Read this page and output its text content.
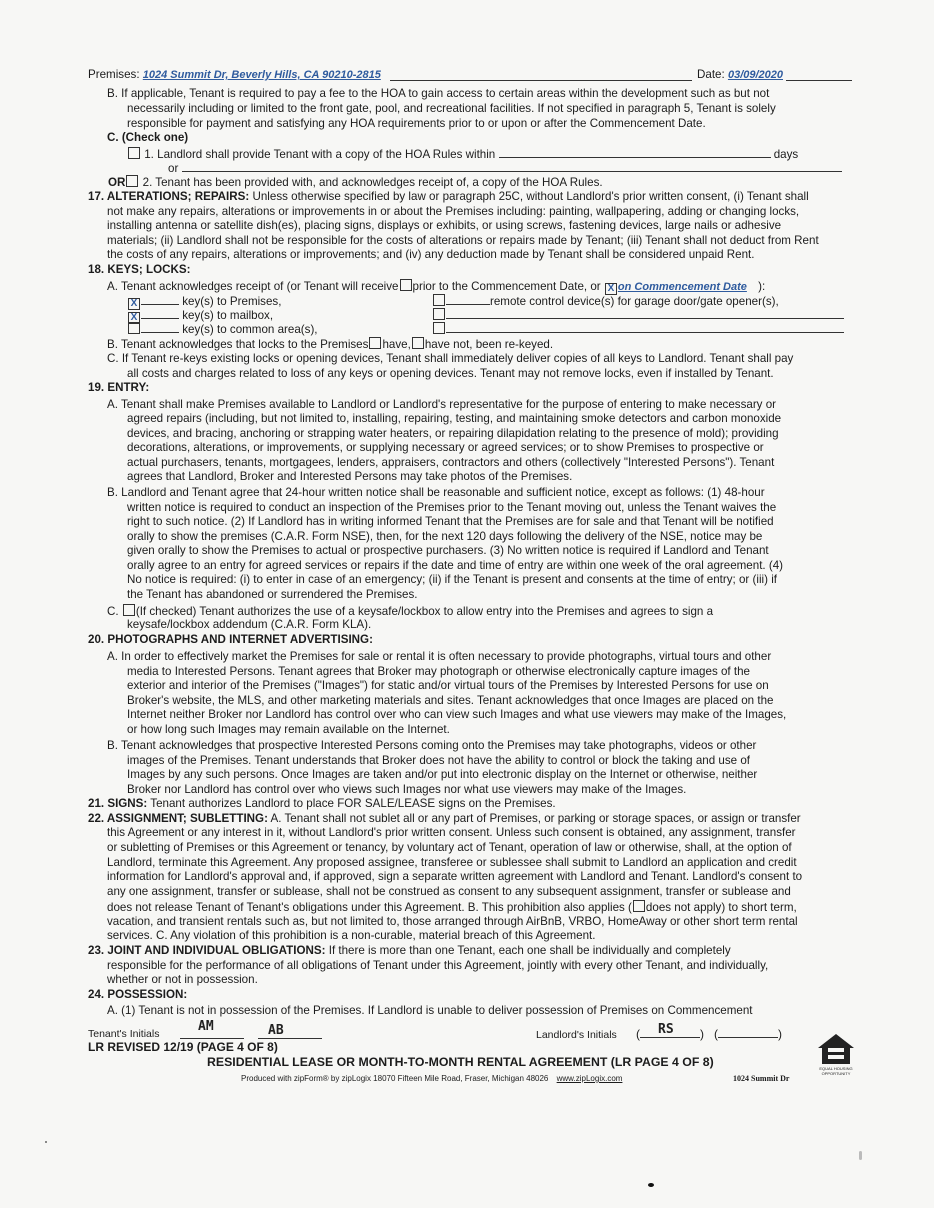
Premises: 1024 Summit Dr, Beverly Hills, CA 90210-2815	Date: 03/09/2020
B. If applicable, Tenant is required to pay a fee to the HOA to gain access to certain areas within the development such as but not
necessarily including or limited to the front gate, pool, and recreational facilities. If not specified in paragraph 5, Tenant is solely
responsible for payment and satisfying any HOA requirements prior to or upon or after the Commencement Date.
C. (Check one)
1. Landlord shall provide Tenant with a copy of the HOA Rules within	days
or
OR 2. Tenant has been provided with, and acknowledges receipt of, a copy of the HOA Rules.
17. ALTERATIONS; REPAIRS: Unless otherwise specified by law or paragraph 25C, without Landlord's prior written consent, (i) Tenant shall
not make any repairs, alterations or improvements in or about the Premises including: painting, wallpapering, adding or changing locks,
installing antenna or satellite dish(es), placing signs, displays or exhibits, or using screws, fastening devices, large nails or adhesive
materials; (ii) Landlord shall not be responsible for the costs of alterations or repairs made by Tenant; (iii) Tenant shall not deduct from Rent
the costs of any repairs, alterations or improvements; and (iv) any deduction made by Tenant shall be considered unpaid Rent.
18. KEYS; LOCKS:
A. Tenant acknowledges receipt of (or Tenant will receive prior to the Commencement Date, or X on Commencement Date ):
X	key(s) to Premises,
X	key(s) to mailbox,
key(s) to common area(s),
remote control device(s) for garage door/gate opener(s),
B. Tenant acknowledges that locks to the Premises have, have not, been re-keyed.
C. If Tenant re-keys existing locks or opening devices, Tenant shall immediately deliver copies of all keys to Landlord. Tenant shall pay
all costs and charges related to loss of any keys or opening devices. Tenant may not remove locks, even if installed by Tenant.
19. ENTRY:
A. Tenant shall make Premises available to Landlord or Landlord's representative for the purpose of entering to make necessary or
agreed repairs (including, but not limited to, installing, repairing, testing, and maintaining smoke detectors and carbon monoxide
devices, and bracing, anchoring or strapping water heaters, or repairing dilapidation relating to the presence of mold); providing
decorations, alterations, or improvements, or supplying necessary or agreed services; or to show Premises to prospective or
actual purchasers, tenants, mortgagees, lenders, appraisers, contractors and others (collectively "Interested Persons"). Tenant
agrees that Landlord, Broker and Interested Persons may take photos of the Premises.
B. Landlord and Tenant agree that 24-hour written notice shall be reasonable and sufficient notice, except as follows: (1) 48-hour
written notice is required to conduct an inspection of the Premises prior to the Tenant moving out, unless the Tenant waives the
right to such notice. (2) If Landlord has in writing informed Tenant that the Premises are for sale and that Tenant will be notified
orally to show the premises (C.A.R. Form NSE), then, for the next 120 days following the delivery of the NSE, notice may be
given orally to show the Premises to actual or prospective purchasers. (3) No written notice is required if Landlord and Tenant
orally agree to an entry for agreed services or repairs if the date and time of entry are within one week of the oral agreement. (4)
No notice is required: (i) to enter in case of an emergency; (ii) if the Tenant is present and consents at the time of entry; or (iii) if
the Tenant has abandoned or surrendered the Premises.
C. (If checked) Tenant authorizes the use of a keysafe/lockbox to allow entry into the Premises and agrees to sign a
keysafe/lockbox addendum (C.A.R. Form KLA).
20. PHOTOGRAPHS AND INTERNET ADVERTISING:
A. In order to effectively market the Premises for sale or rental it is often necessary to provide photographs, virtual tours and other
media to Interested Persons. Tenant agrees that Broker may photograph or otherwise electronically capture images of the
exterior and interior of the Premises ("Images") for static and/or virtual tours of the Premises by Interested Persons for use on
Broker's website, the MLS, and other marketing materials and sites. Tenant acknowledges that once Images are placed on the
Internet neither Broker nor Landlord has control over who can view such Images and what use viewers may make of the Images,
or how long such Images may remain available on the Internet.
B. Tenant acknowledges that prospective Interested Persons coming onto the Premises may take photographs, videos or other
images of the Premises. Tenant understands that Broker does not have the ability to control or block the taking and use of
Images by any such persons. Once Images are taken and/or put into electronic display on the Internet or otherwise, neither
Broker nor Landlord has control over who views such Images nor what use viewers may make of the Images.
21. SIGNS: Tenant authorizes Landlord to place FOR SALE/LEASE signs on the Premises.
22. ASSIGNMENT; SUBLETTING: A. Tenant shall not sublet all or any part of Premises, or parking or storage spaces, or assign or transfer
this Agreement or any interest in it, without Landlord's prior written consent. Unless such consent is obtained, any assignment, transfer
or subletting of Premises or this Agreement or tenancy, by voluntary act of Tenant, operation of law or otherwise, shall, at the option of
Landlord, terminate this Agreement. Any proposed assignee, transferee or sublessee shall submit to Landlord an application and credit
information for Landlord's approval and, if approved, sign a separate written agreement with Landlord and Tenant. Landlord's consent to
any one assignment, transfer or sublease, shall not be construed as consent to any subsequent assignment, transfer or sublease and
does not release Tenant of Tenant's obligations under this Agreement. B. This prohibition also applies ( does not apply) to short term,
vacation, and transient rentals such as, but not limited to, those arranged through AirBnB, VRBO, HomeAway or other short term rental
services. C. Any violation of this prohibition is a non-curable, material breach of this Agreement.
23. JOINT AND INDIVIDUAL OBLIGATIONS: If there is more than one Tenant, each one shall be individually and completely
responsible for the performance of all obligations of Tenant under this Agreement, jointly with every other Tenant, and individually,
whether or not in possession.
24. POSSESSION:
A. (1) Tenant is not in possession of the Premises. If Landlord is unable to deliver possession of Premises on Commencement
Tenant's Initials	AM	AB	Landlord's Initials (	) (	)
RS
LR REVISED 12/19 (PAGE 4 OF 8)
RESIDENTIAL LEASE OR MONTH-TO-MONTH RENTAL AGREEMENT (LR PAGE 4 OF 8)
Produced with zipForm® by zipLogix 18070 Fifteen Mile Road, Fraser, Michigan 48026 www.zipLogix.com	1024 Summit Dr
EQUAL HOUSING OPPORTUNITY
